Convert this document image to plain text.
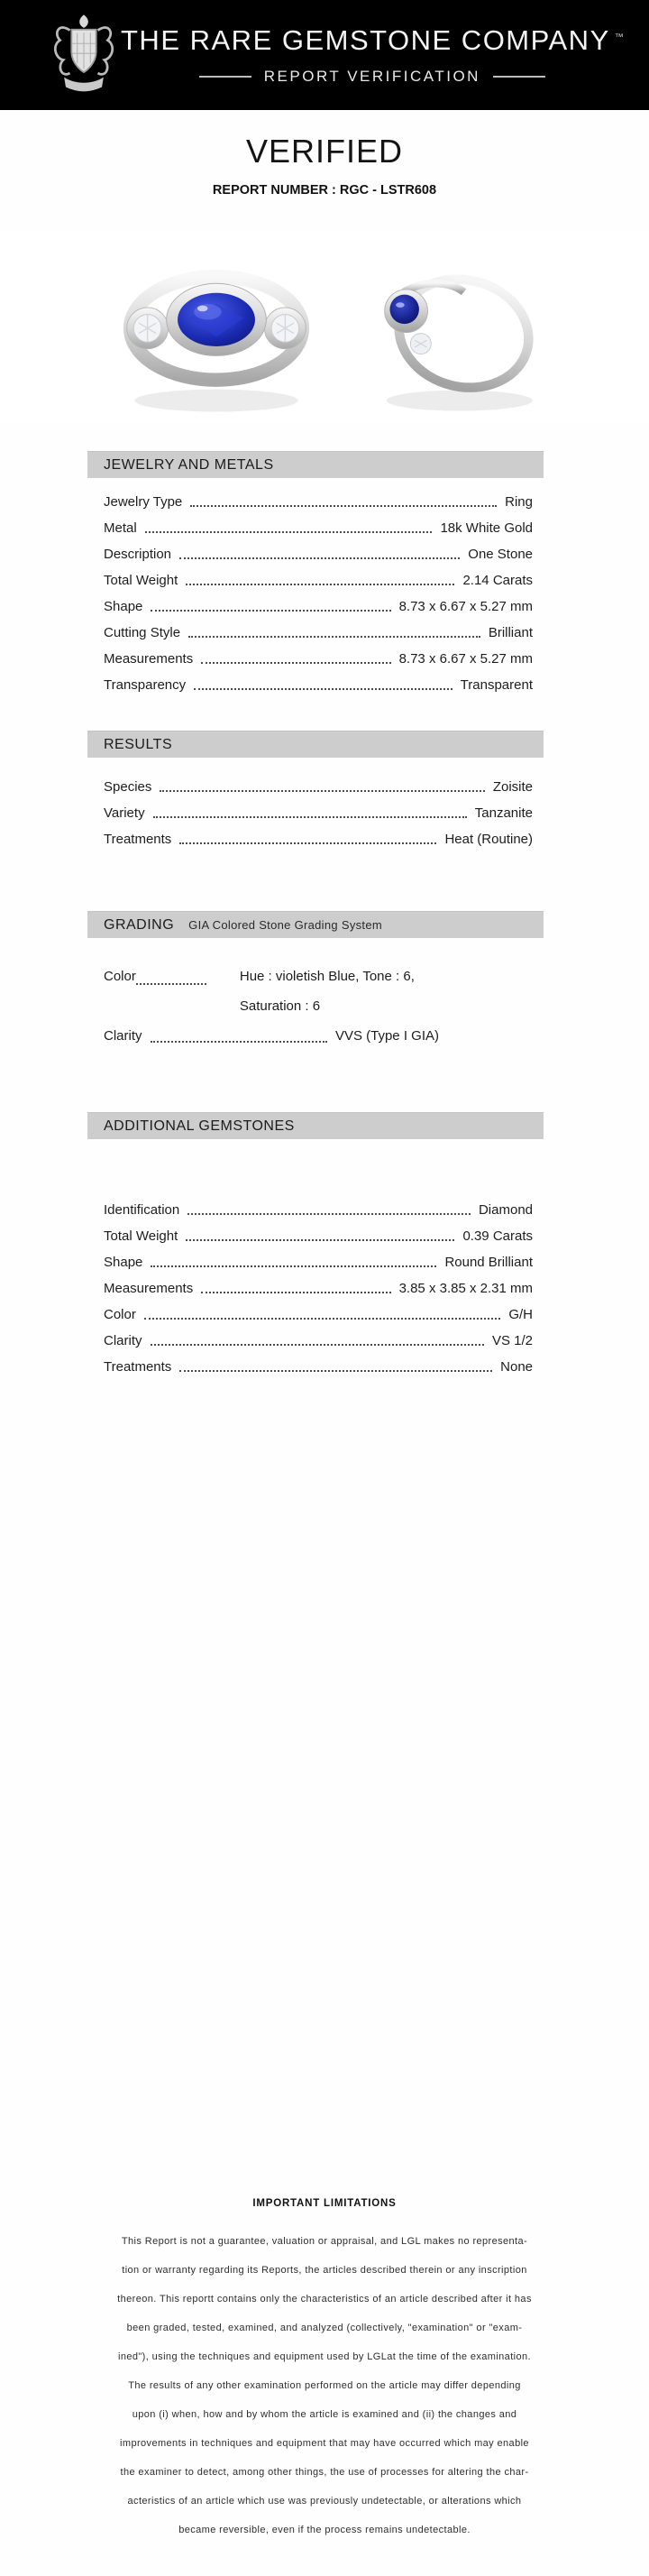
THE RARE GEMSTONE COMPANY ™
REPORT VERIFICATION
VERIFIED
REPORT NUMBER : RGC - LSTR608
JEWELRY AND METALS
Jewelry Type	Ring
Metal	18k White Gold
Description	One Stone
Total Weight	2.14 Carats
Shape	8.73 x 6.67 x 5.27 mm
Cutting Style	Brilliant
Measurements	8.73 x 6.67 x 5.27 mm
Transparency	Transparent
RESULTS
Species	Zoisite
Variety	Tanzanite
Treatments	Heat (Routine)
GRADING GIA Colored Stone Grading System
Color	Hue : violetish Blue, Tone : 6,
Saturation : 6
Clarity	VVS (Type I GIA)
ADDITIONAL GEMSTONES
Identification	Diamond
Total Weight	0.39 Carats
Shape	Round Brilliant
Measurements	3.85 x 3.85 x 2.31 mm
Color	G/H
Clarity	VS 1/2
Treatments	None
IMPORTANT LIMITATIONS
This Report is not a guarantee, valuation or appraisal, and LGL makes no representa-
tion or warranty regarding its Reports, the articles described therein or any inscription
thereon. This reportt contains only the characteristics of an article described after it has
been graded, tested, examined, and analyzed (collectively, "examination" or "exam-
ined"), using the techniques and equipment used by LGLat the time of the examination.
The results of any other examination performed on the article may differ depending
upon (i) when, how and by whom the article is examined and (ii) the changes and
improvements in techniques and equipment that may have occurred which may enable
the examiner to detect, among other things, the use of processes for altering the char-
acteristics of an article which use was previously undetectable, or alterations which
became reversible, even if the process remains undetectable.
